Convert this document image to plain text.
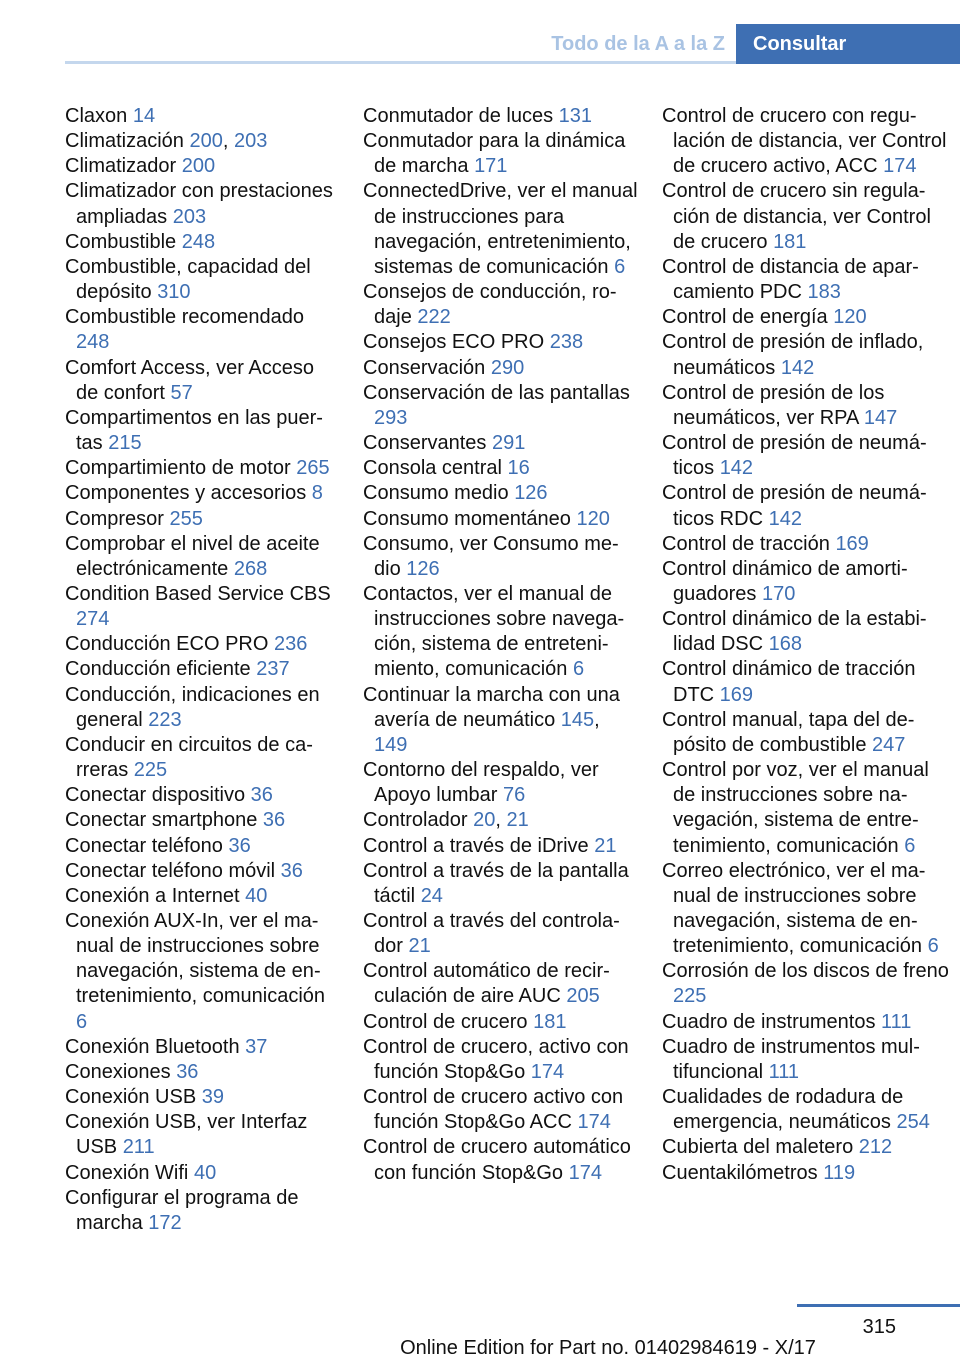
Todo de la A a la Z Consultar
Claxon 14
Climatización 200, 203
Climatizador 200
Climatizador con prestaciones ampliadas 203
Combustible 248
Combustible, capacidad del depósito 310
Combustible recomendado 248
Comfort Access, ver Acceso de confort 57
Compartimentos en las puertas 215
Compartimiento de motor 265
Componentes y accesorios 8
Compresor 255
Comprobar el nivel de aceite electrónicamente 268
Condition Based Service CBS 274
Conducción ECO PRO 236
Conducción eficiente 237
Conducción, indicaciones en general 223
Conducir en circuitos de carreras 225
Conectar dispositivo 36
Conectar smartphone 36
Conectar teléfono 36
Conectar teléfono móvil 36
Conexión a Internet 40
Conexión AUX-In, ver el manual de instrucciones sobre navegación, sistema de entretenimiento, comunicación 6
Conexión Bluetooth 37
Conexiones 36
Conexión USB 39
Conexión USB, ver Interfaz USB 211
Conexión Wifi 40
Configurar el programa de marcha 172
Conmutador de luces 131
Conmutador para la dinámica de marcha 171
ConnectedDrive, ver el manual de instrucciones para navegación, entretenimiento, sistemas de comunicación 6
Consejos de conducción, rodaje 222
Consejos ECO PRO 238
Conservación 290
Conservación de las pantallas 293
Conservantes 291
Consola central 16
Consumo medio 126
Consumo momentáneo 120
Consumo, ver Consumo medio 126
Contactos, ver el manual de instrucciones sobre navegación, sistema de entretenimiento, comunicación 6
Continuar la marcha con una avería de neumático 145, 149
Contorno del respaldo, ver Apoyo lumbar 76
Controlador 20, 21
Control a través de iDrive 21
Control a través de la pantalla táctil 24
Control a través del controlador 21
Control automático de recirculación de aire AUC 205
Control de crucero 181
Control de crucero, activo con función Stop&Go 174
Control de crucero activo con función Stop&Go ACC 174
Control de crucero automático con función Stop&Go 174
Control de crucero con regulación de distancia, ver Control de crucero activo, ACC 174
Control de crucero sin regulación de distancia, ver Control de crucero 181
Control de distancia de aparcamiento PDC 183
Control de energía 120
Control de presión de inflado, neumáticos 142
Control de presión de los neumáticos, ver RPA 147
Control de presión de neumáticos 142
Control de presión de neumáticos RDC 142
Control de tracción 169
Control dinámico de amortiguadores 170
Control dinámico de la estabilidad DSC 168
Control dinámico de tracción DTC 169
Control manual, tapa del depósito de combustible 247
Control por voz, ver el manual de instrucciones sobre navegación, sistema de entretenimiento, comunicación 6
Correo electrónico, ver el manual de instrucciones sobre navegación, sistema de entretenimiento, comunicación 6
Corrosión de los discos de freno 225
Cuadro de instrumentos 111
Cuadro de instrumentos multifuncional 111
Cualidades de rodadura de emergencia, neumáticos 254
Cubierta del maletero 212
Cuentakilómetros 119
315
Online Edition for Part no. 01402984619 - X/17
